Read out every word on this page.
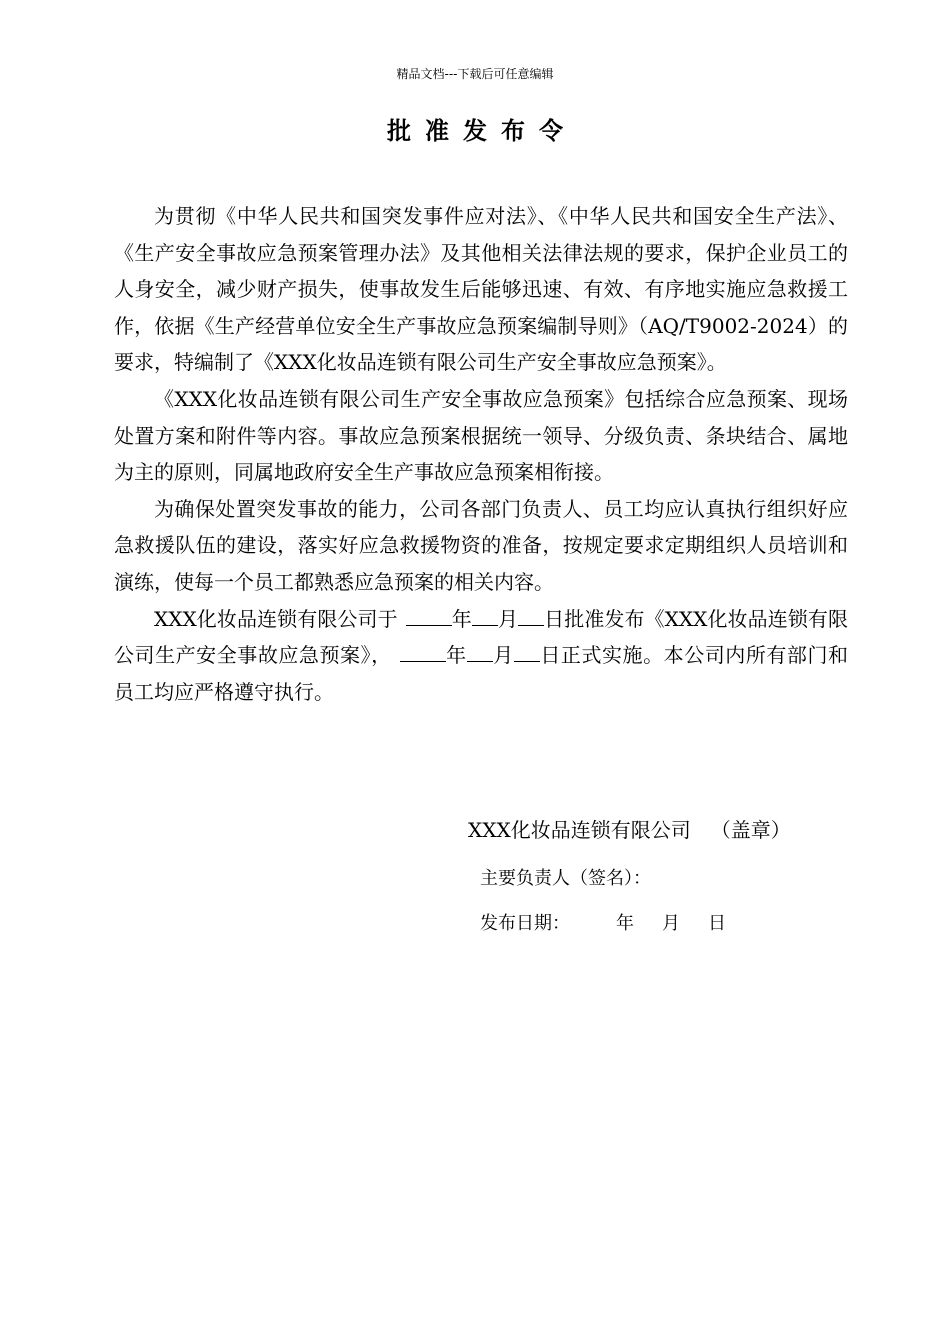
精品文档---下载后可任意编辑
批准发布令

为贯彻《中华人民共和国突发事件应对法》、《中华人民共和国安全生产法》、《生产安全事故应急预案管理办法》及其他相关法律法规的要求，保护企业员工的人身安全，减少财产损失，使事故发生后能够迅速、有效、有序地实施应急救援工作，依据《生产经营单位安全生产事故应急预案编制导则》（AQ/T9002-2024）的要求，特编制了《XXX化妆品连锁有限公司生产安全事故应急预案》。

《XXX化妆品连锁有限公司生产安全事故应急预案》包括综合应急预案、现场处置方案和附件等内容。事故应急预案根据统一领导、分级负责、条块结合、属地为主的原则，同属地政府安全生产事故应急预案相衔接。

为确保处置突发事故的能力，公司各部门负责人、员工均应认真执行组织好应急救援队伍的建设，落实好应急救援物资的准备，按规定要求定期组织人员培训和演练，使每一个员工都熟悉应急预案的相关内容。

XXX化妆品连锁有限公司于	年 月 日批准发布《XXX化妆品连锁有限公司生产安全事故应急预案》，	年 月 日正式实施。本公司内所有部门和员工均应严格遵守执行。

XXX化妆品连锁有限公司 （盖章）
主要负责人（签名）：
发布日期：	年 月 日
